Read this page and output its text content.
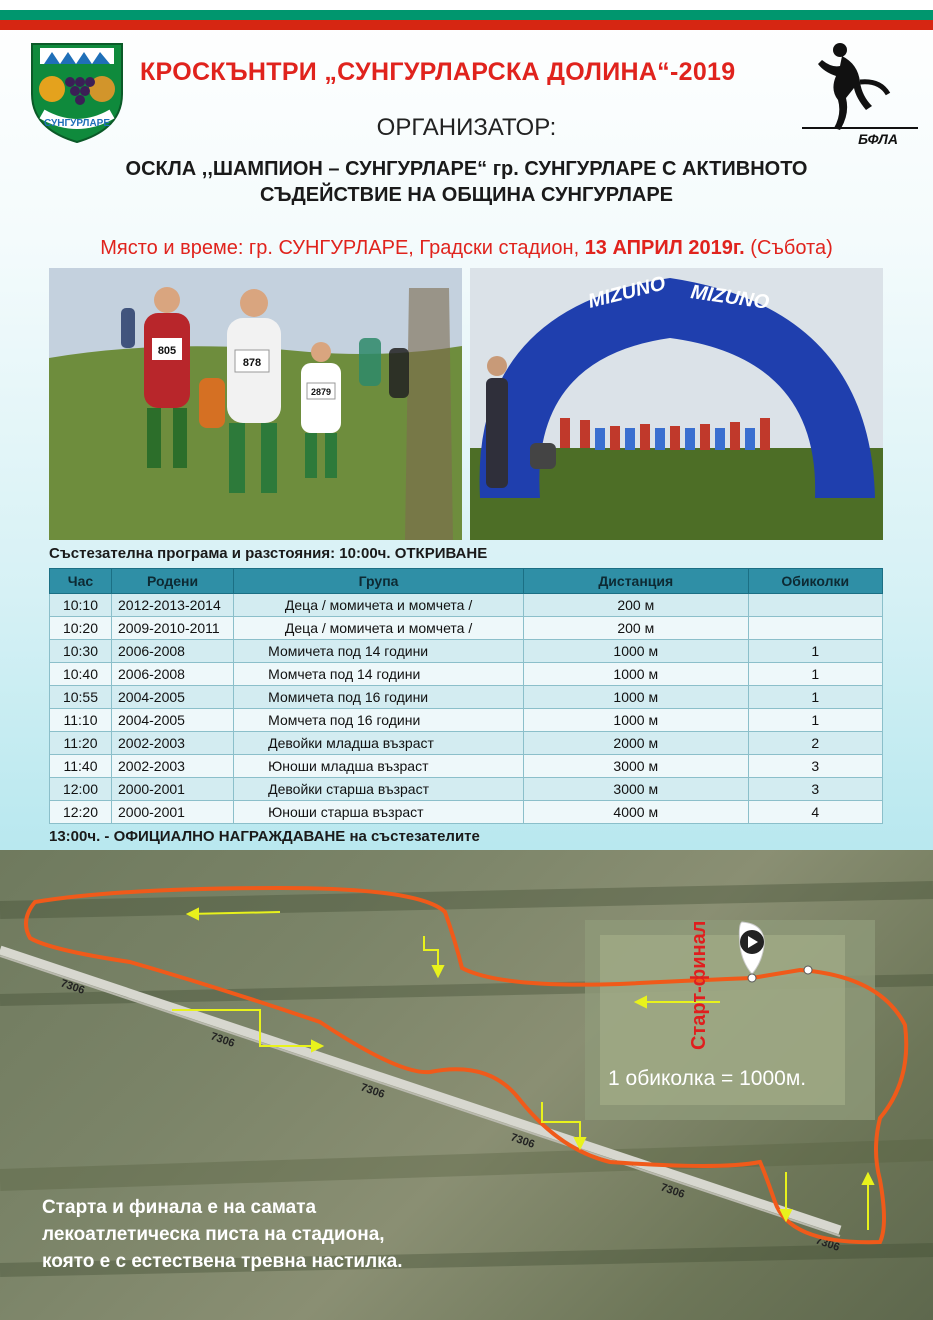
СУНГУРЛАРЕ
КРОСКЪНТРИ „СУНГУРЛАРСКА ДОЛИНА“-2019
БФЛА
ОРГАНИЗАТОР:
ОСКЛА ,,ШАМПИОН – СУНГУРЛАРЕ“ гр. СУНГУРЛАРЕ С АКТИВНОТО
СЪДЕЙСТВИЕ НА ОБЩИНА СУНГУРЛАРЕ
Място и време: гр. СУНГУРЛАРЕ, Градски стадион, 13 АПРИЛ 2019г. (Събота)
805
878
2879
MIZUNO MIZUNO
Състезателна програма и разстояния: 10:00ч. ОТКРИВАНЕ
Час	Родени	Група	Дистанция	Обиколки
10:10	2012-2013-2014	Деца / момичета и момчета /	200 м	
10:20	2009-2010-2011	Деца / момичета и момчета /	200 м	
10:30	2006-2008	Момичета под 14 години	1000 м	1
10:40	2006-2008	Момчета под 14 години	1000 м	1
10:55	2004-2005	Момичета под 16 години	1000 м	1
11:10	2004-2005	Момчета под 16 години	1000 м	1
11:20	2002-2003	Девойки младша възраст	2000 м	2
11:40	2002-2003	Юноши младша възраст	3000 м	3
12:00	2000-2001	Девойки старша възраст	3000 м	3
12:20	2000-2001	Юноши старша възраст	4000 м	4
13:00ч. - ОФИЦИАЛНО НАГРАЖДАВАНЕ на състезателите
7306
7306
7306
7306
7306
7306
Старт-финал
1 обиколка = 1000м.
Старта и финала е на самата
лекоатлетическа писта на стадиона,
която е с естествена тревна настилка.
